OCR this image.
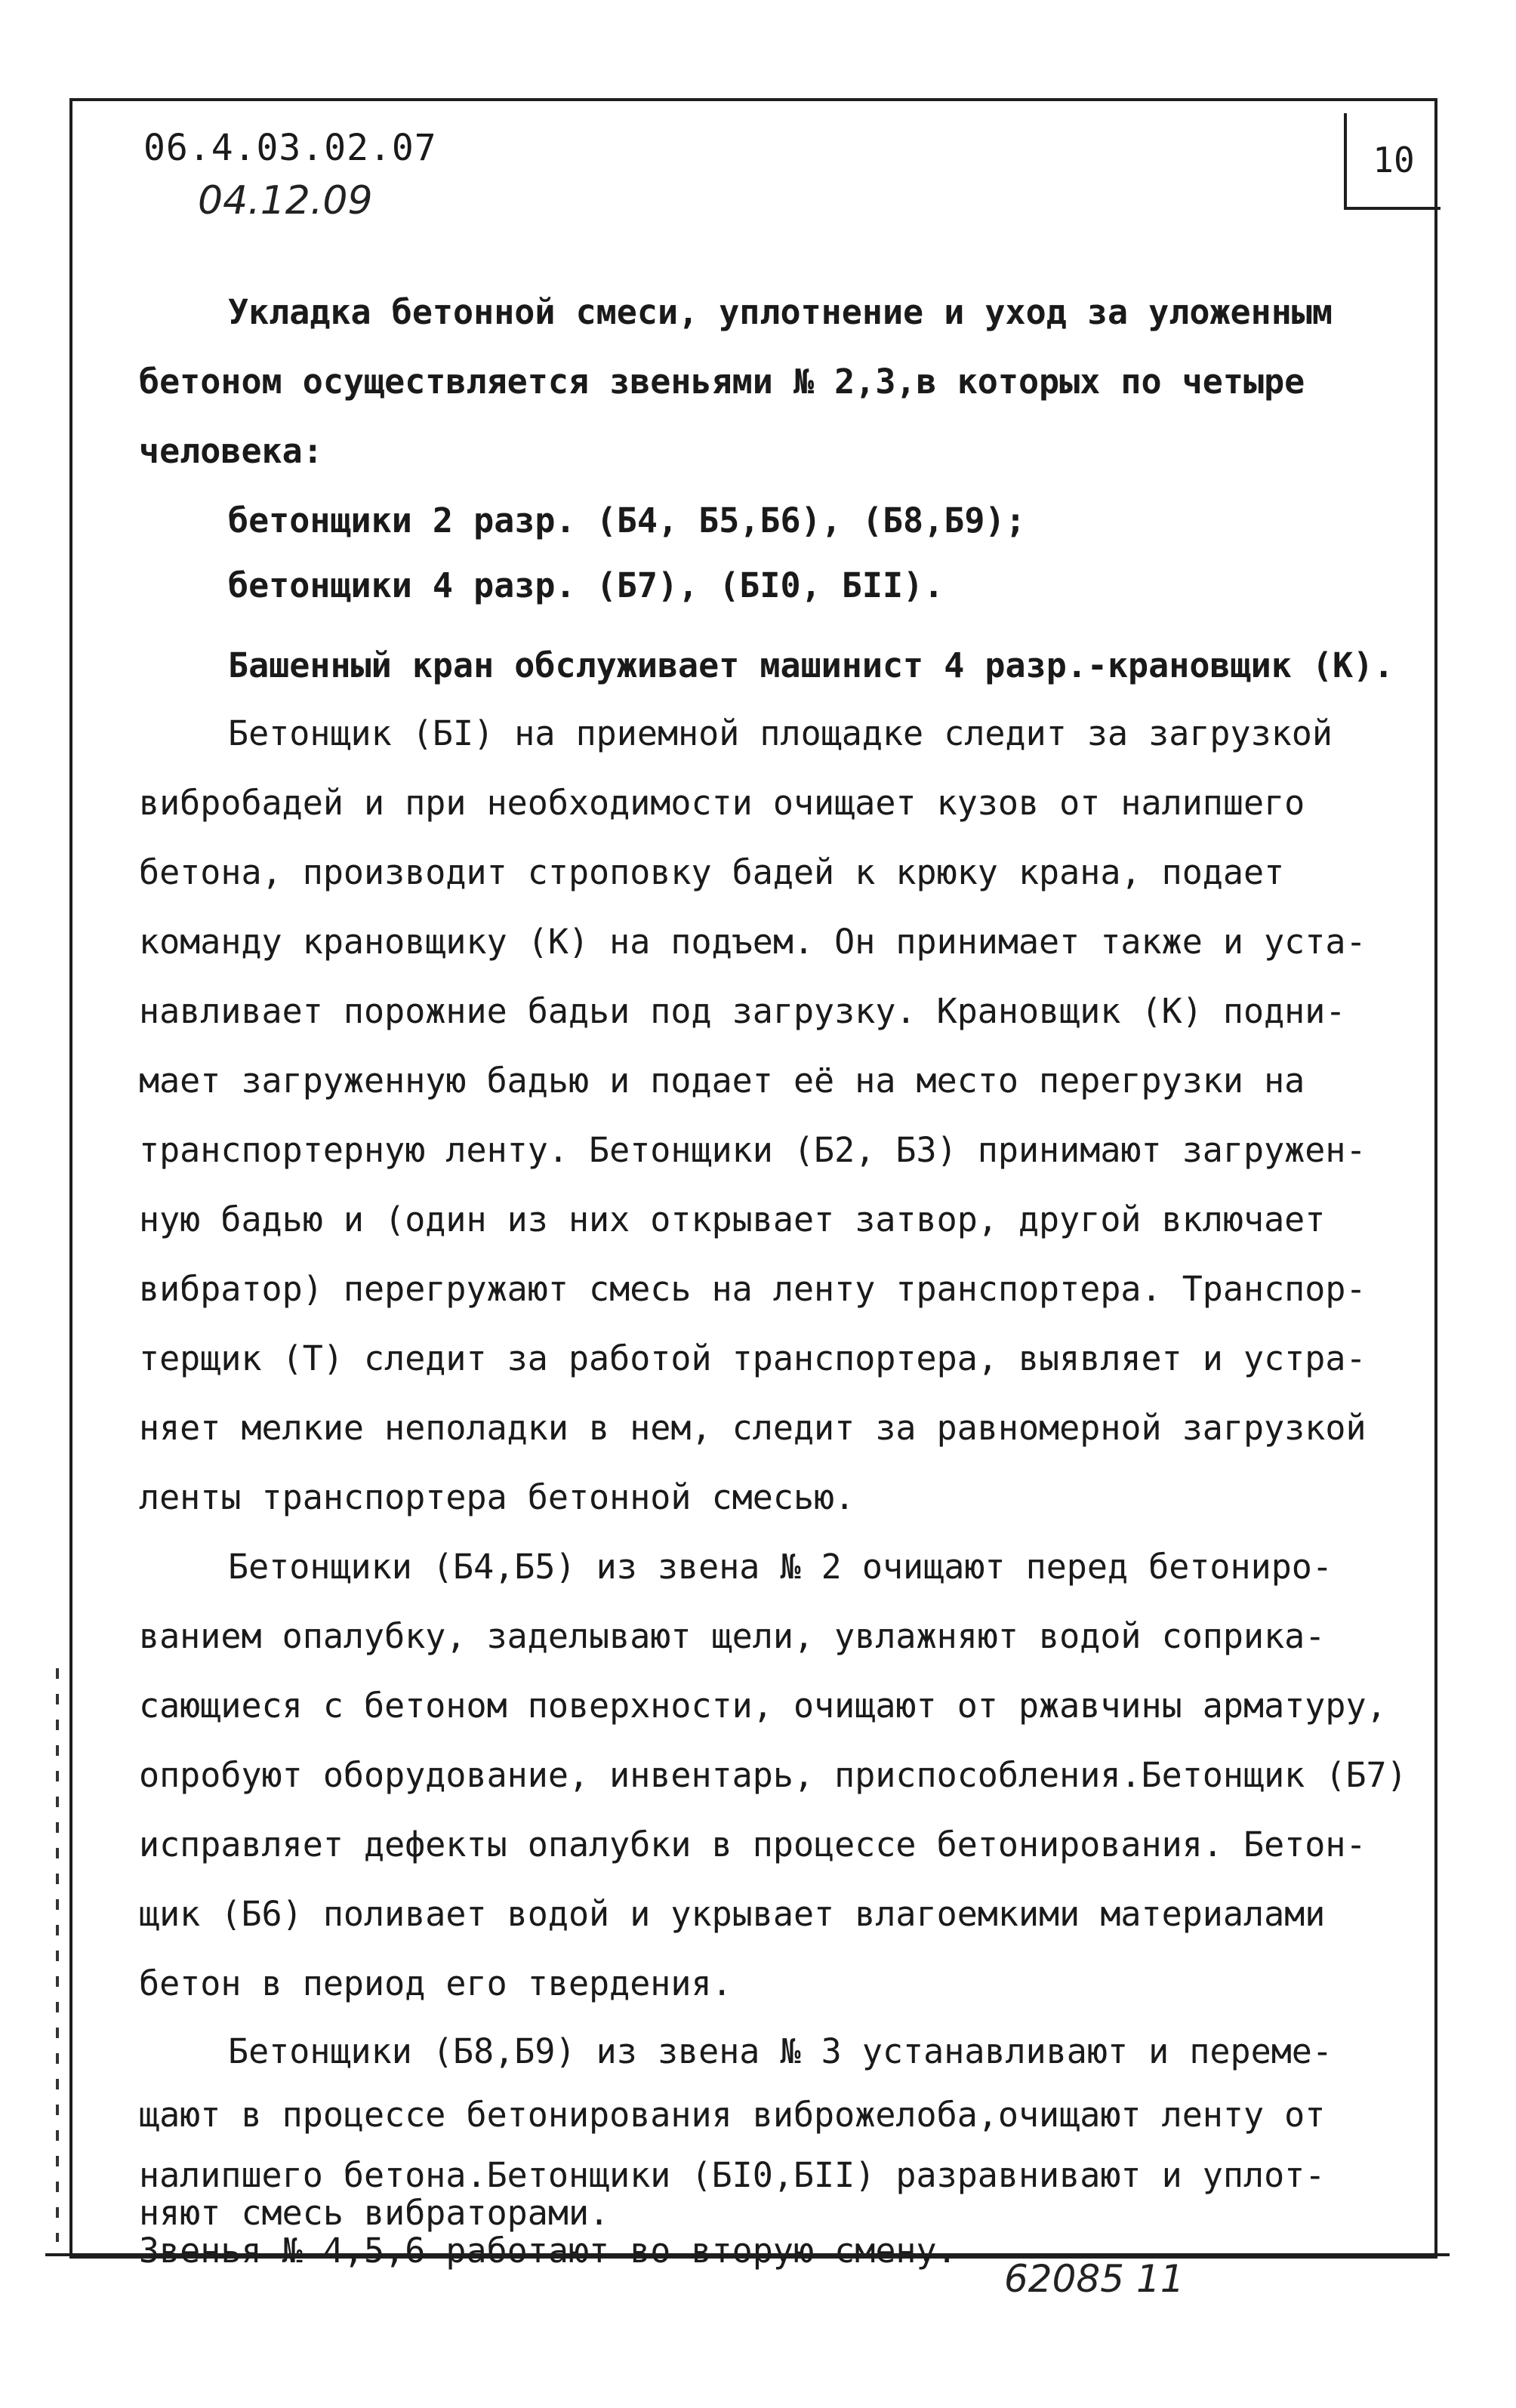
06.4.03.02.07
04.12.09
10
Укладка бетонной смеси, уплотнение и уход за уложенным
бетоном осуществляется звеньями № 2,3,в которых по четыре
человека:
бетонщики 2 разр. (Б4, Б5,Б6), (Б8,Б9);
бетонщики 4 разр. (Б7), (БI0, БII).
Башенный кран обслуживает машинист 4 разр.-крановщик (К).
Бетонщик (БI) на приемной площадке следит за загрузкой
вибробадей и при необходимости очищает кузов от налипшего
бетона, производит строповку бадей к крюку крана, подает
команду крановщику (К) на подъем. Он принимает также и уста-
навливает порожние бадьи под загрузку. Крановщик (К) подни-
мает загруженную бадью и подает её на место перегрузки на
транспортерную ленту. Бетонщики (Б2, Б3) принимают загружен-
ную бадью и (один из них открывает затвор, другой включает
вибратор) перегружают смесь на ленту транспортера. Транспор-
терщик (Т) следит за работой транспортера, выявляет и устра-
няет мелкие неполадки в нем, следит за равномерной загрузкой
ленты транспортера бетонной смесью.
Бетонщики (Б4,Б5) из звена № 2 очищают перед бетониро-
ванием опалубку, заделывают щели, увлажняют водой соприка-
сающиеся с бетоном поверхности, очищают от ржавчины арматуру,
опробуют оборудование, инвентарь, приспособления.Бетонщик (Б7)
исправляет дефекты опалубки в процессе бетонирования. Бетон-
щик (Б6) поливает водой и укрывает влагоемкими материалами
бетон в период его твердения.
Бетонщики (Б8,Б9) из звена № 3 устанавливают и переме-
щают в процессе бетонирования виброжелоба,очищают ленту от
налипшего бетона.Бетонщики (БI0,БII) разравнивают и уплот-
няют смесь вибраторами.
Звенья № 4,5,6 работают во вторую смену.
62085 11
